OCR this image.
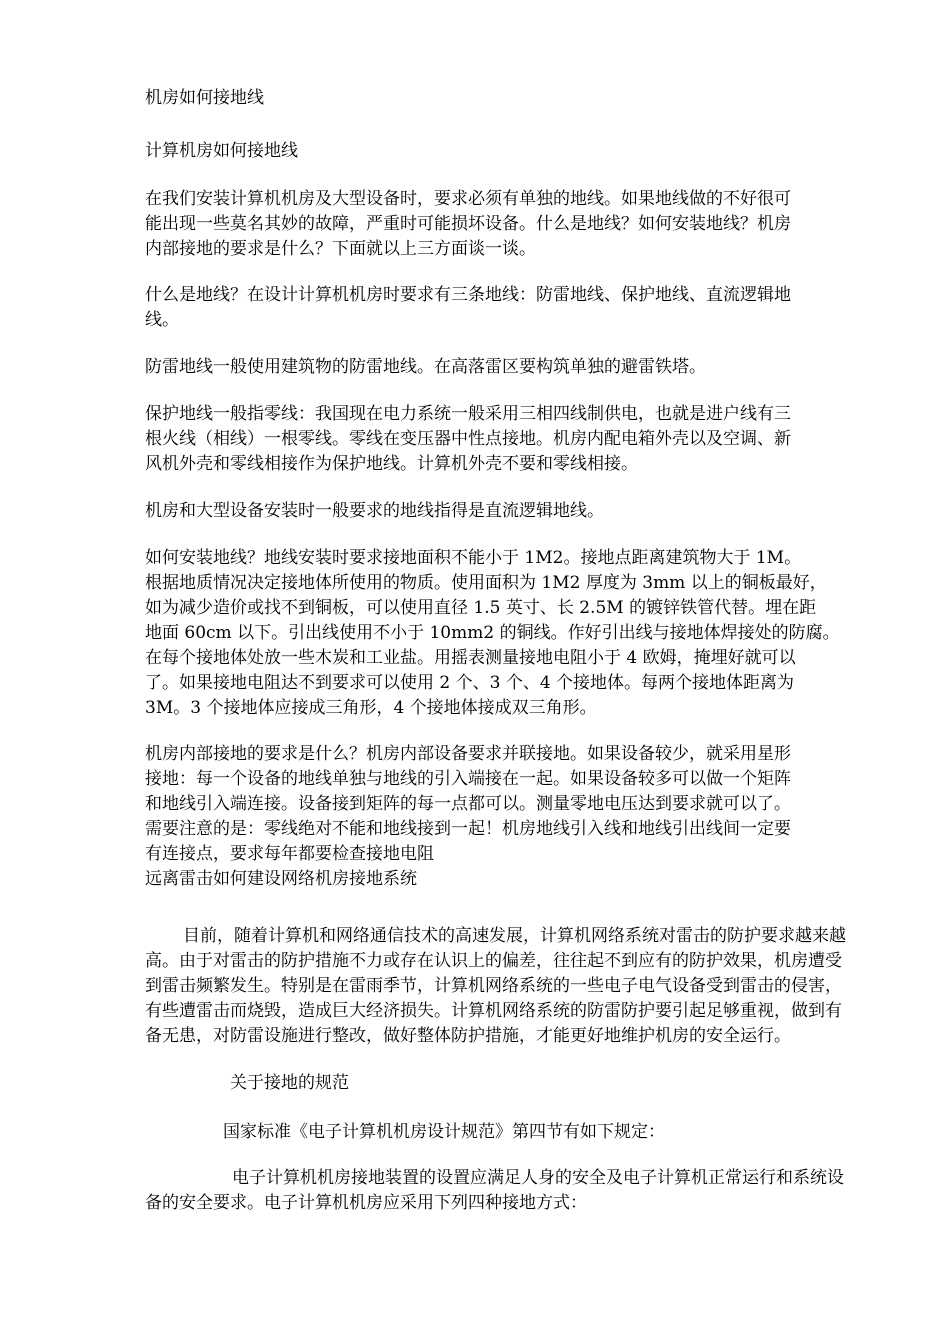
机房如何接地线
计算机房如何接地线
在我们安装计算机机房及大型设备时，要求必须有单独的地线。如果地线做的不好很可
能出现一些莫名其妙的故障，严重时可能损坏设备。什么是地线？如何安装地线？机房
内部接地的要求是什么？下面就以上三方面谈一谈。
什么是地线？在设计计算机机房时要求有三条地线：防雷地线、保护地线、直流逻辑地
线。
防雷地线一般使用建筑物的防雷地线。在高落雷区要构筑单独的避雷铁塔。
保护地线一般指零线：我国现在电力系统一般采用三相四线制供电，也就是进户线有三
根火线（相线）一根零线。零线在变压器中性点接地。机房内配电箱外壳以及空调、新
风机外壳和零线相接作为保护地线。计算机外壳不要和零线相接。
机房和大型设备安装时一般要求的地线指得是直流逻辑地线。
如何安装地线？地线安装时要求接地面积不能小于 1M2。接地点距离建筑物大于 1M。
根据地质情况决定接地体所使用的物质。使用面积为 1M2 厚度为 3mm 以上的铜板最好，
如为减少造价或找不到铜板，可以使用直径 1.5 英寸、长 2.5M 的镀锌铁管代替。埋在距
地面 60cm 以下。引出线使用不小于 10mm2 的铜线。作好引出线与接地体焊接处的防腐。
在每个接地体处放一些木炭和工业盐。用摇表测量接地电阻小于 4 欧姆，掩埋好就可以
了。如果接地电阻达不到要求可以使用 2 个、3 个、4 个接地体。每两个接地体距离为
3M。3 个接地体应接成三角形，4 个接地体接成双三角形。
机房内部接地的要求是什么？机房内部设备要求并联接地。如果设备较少，就采用星形
接地：每一个设备的地线单独与地线的引入端接在一起。如果设备较多可以做一个矩阵
和地线引入端连接。设备接到矩阵的每一点都可以。测量零地电压达到要求就可以了。
需要注意的是：零线绝对不能和地线接到一起！机房地线引入线和地线引出线间一定要
有连接点，要求每年都要检查接地电阻
远离雷击如何建设网络机房接地系统
目前，随着计算机和网络通信技术的高速发展，计算机网络系统对雷击的防护要求越来越
高。由于对雷击的防护措施不力或存在认识上的偏差，往往起不到应有的防护效果，机房遭受
到雷击频繁发生。特别是在雷雨季节，计算机网络系统的一些电子电气设备受到雷击的侵害，
有些遭雷击而烧毁，造成巨大经济损失。计算机网络系统的防雷防护要引起足够重视，做到有
备无患，对防雷设施进行整改，做好整体防护措施，才能更好地维护机房的安全运行。
关于接地的规范
国家标准《电子计算机机房设计规范》第四节有如下规定：
电子计算机机房接地装置的设置应满足人身的安全及电子计算机正常运行和系统设
备的安全要求。电子计算机机房应采用下列四种接地方式：
